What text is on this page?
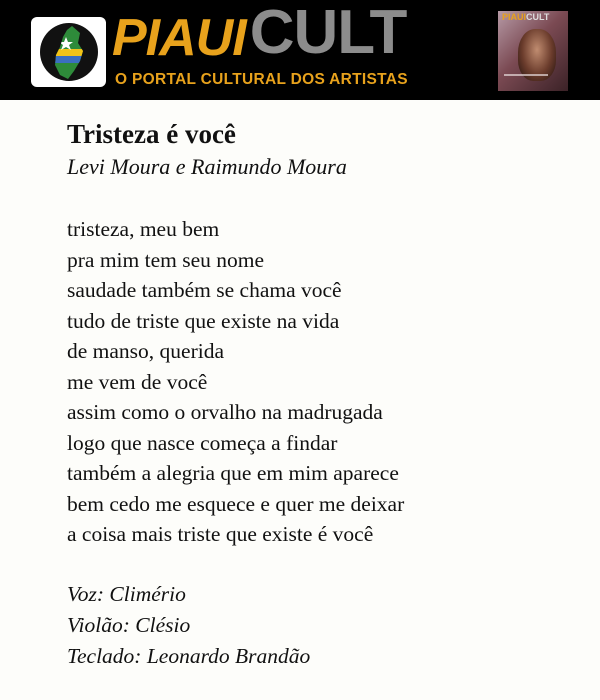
PIAUI CULT
O PORTAL CULTURAL DOS ARTISTAS
PIAUICULT
Tristeza é você
Levi Moura e Raimundo Moura
tristeza, meu bem
pra mim tem seu nome
saudade também se chama você
tudo de triste que existe na vida
de manso, querida
me vem de você
assim como o orvalho na madrugada
logo que nasce começa a findar
também a alegria que em mim aparece
bem cedo me esquece e quer me deixar
a coisa mais triste que existe é você
Voz: Climério
Violão: Clésio
Teclado: Leonardo Brandão
